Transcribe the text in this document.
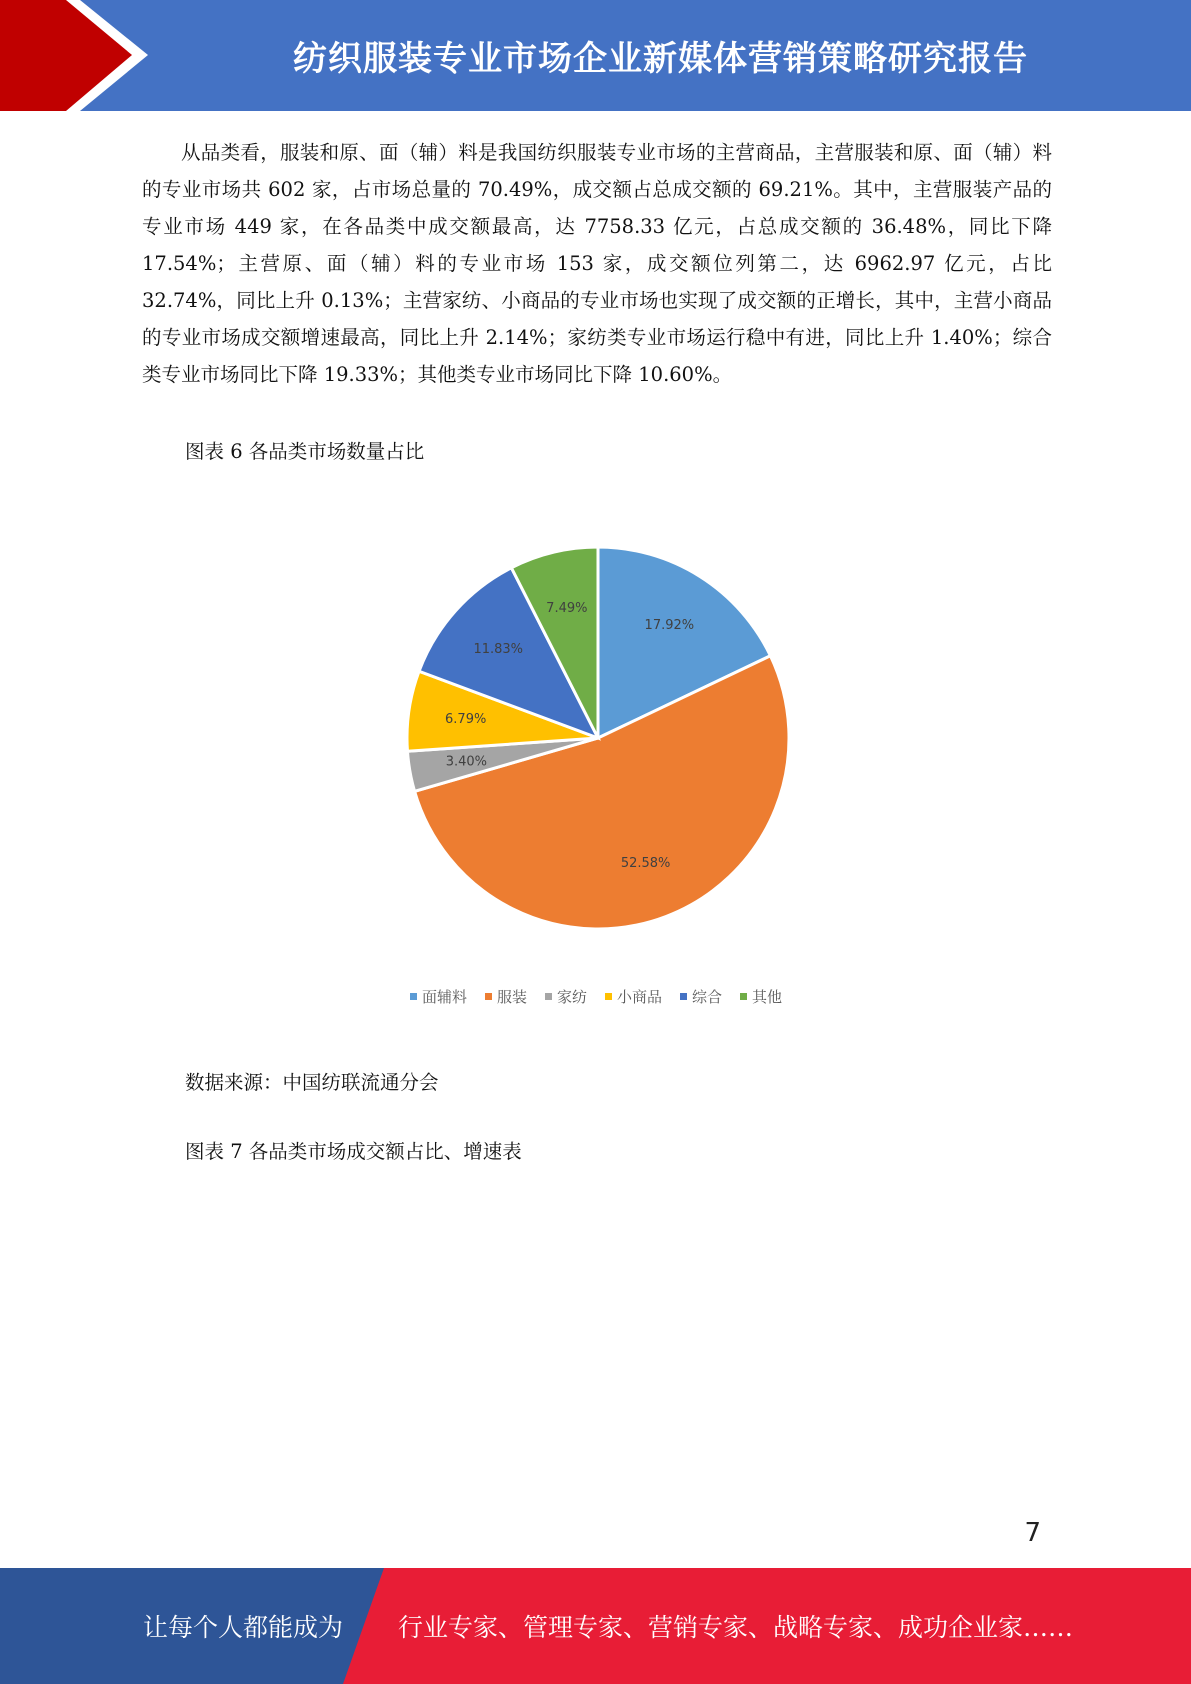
纺织服装专业市场企业新媒体营销策略研究报告

从品类看，服装和原、面（辅）料是我国纺织服装专业市场的主营商品，主营服装和原、面（辅）料的专业市场共 602 家，占市场总量的 70.49%，成交额占总成交额的 69.21%。其中，主营服装产品的专业市场 449 家，在各品类中成交额最高，达 7758.33 亿元，占总成交额的 36.48%，同比下降 17.54%；主营原、面（辅）料的专业市场 153 家，成交额位列第二，达 6962.97 亿元，占比 32.74%，同比上升 0.13%；主营家纺、小商品的专业市场也实现了成交额的正增长，其中，主营小商品的专业市场成交额增速最高，同比上升 2.14%；家纺类专业市场运行稳中有进，同比上升 1.40%；综合类专业市场同比下降 19.33%；其他类专业市场同比下降 10.60%。

图表 6 各品类市场数量占比
17.92%
52.58%
3.40%
6.79%
11.83%
7.49%
面辅料 服装 家纺 小商品 综合 其他
数据来源：中国纺联流通分会
图表 7 各品类市场成交额占比、增速表
7
让每个人都能成为 行业专家、管理专家、营销专家、战略专家、成功企业家……
